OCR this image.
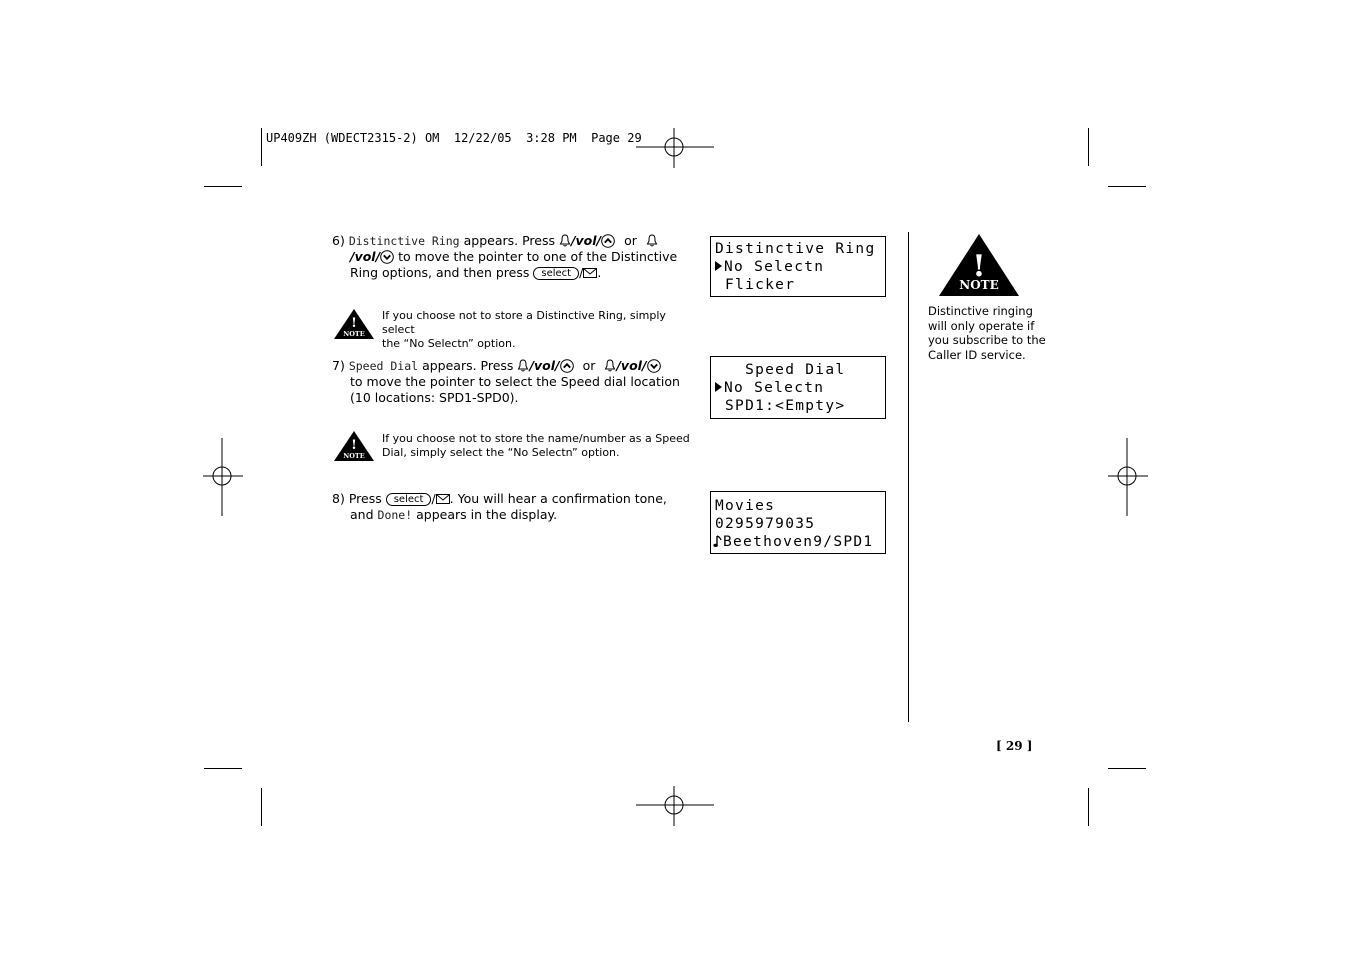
UP409ZH (WDECT2315-2) OM  12/22/05  3:28 PM  Page 29
6) Distinctive Ring appears. Press /vol/ or
/vol/ to move the pointer to one of the Distinctive
Ring options, and then press select / .
!
NOTE
If you choose not to store a Distinctive Ring, simply select
the “No Selectn” option.
7) Speed Dial appears. Press /vol/ or /vol/
to move the pointer to select the Speed dial location
(10 locations: SPD1-SPD0).
!
NOTE
If you choose not to store the name/number as a Speed
Dial, simply select the “No Selectn” option.
8) Press select / . You will hear a confirmation tone,
and Done! appears in the display.
Distinctive Ring
No Selectn
Flicker
Speed Dial
No Selectn
SPD1:<Empty>
Movies
0295979035
Beethoven9/SPD1
!
NOTE
Distinctive ringing
will only operate if
you subscribe to the
Caller ID service.
[ 29 ]
